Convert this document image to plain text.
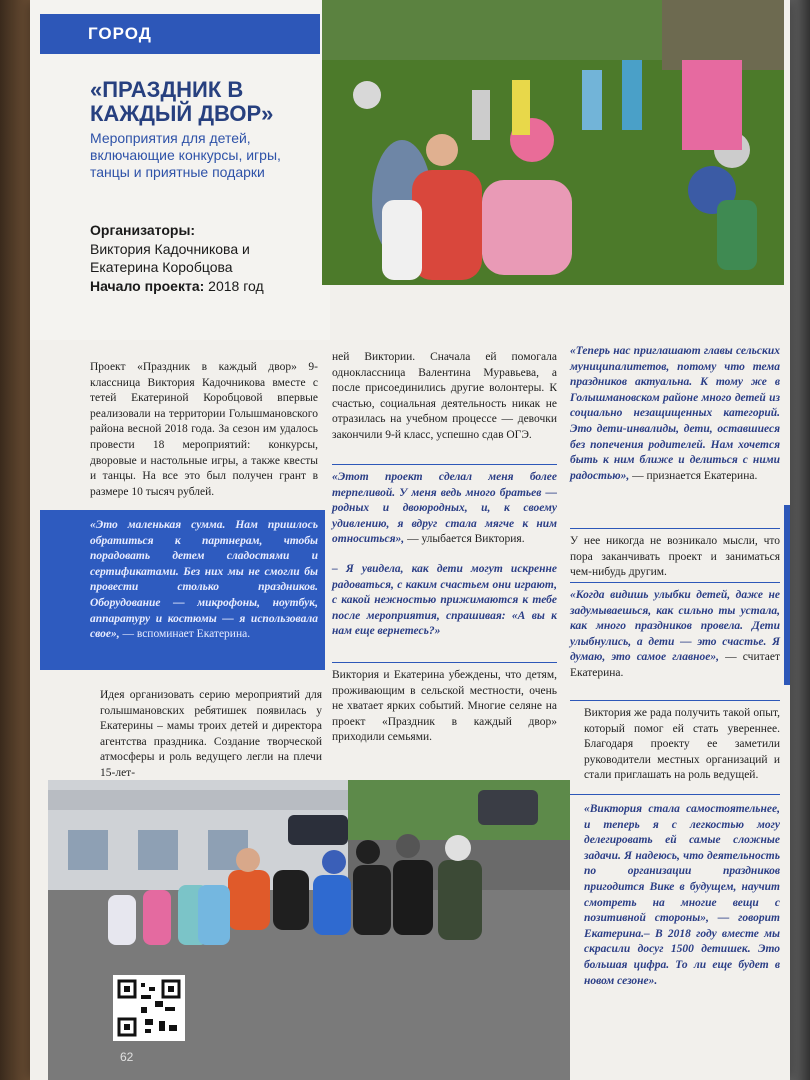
ГОРОД
«ПРАЗДНИК В
КАЖДЫЙ ДВОР»
Мероприятия для детей, включающие конкурсы, игры, танцы и приятные подарки
Организаторы:
Виктория Кадочникова и Екатерина Коробцова
Начало проекта: 2018 год
Проект «Праздник в каждый двор» 9-классница Виктория Кадочникова вместе с тетей Екатериной Коробцовой впервые реализовали на территории Голышмановского района весной 2018 года. За сезон им удалось провести 18 мероприятий: конкурсы, дворовые и настольные игры, а также квесты и танцы. На все это был получен грант в размере 10 тысяч рублей.
«Это маленькая сумма. Нам пришлось обратиться к партнерам, чтобы порадовать детем сладостями и сертификатами. Без них мы не смогли бы провести столько праздников. Оборудование — микрофоны, ноутбук, аппаратуру и костюмы — я использовала свое», — вспоминает Екатерина.
Идея организовать серию мероприятий для голышмановских ребятишек появилась у Екатерины – мамы троих детей и директора агентства праздника. Создание творческой атмосферы и роль ведущего легли на плечи 15-лет-
ней Виктории. Сначала ей помогала одноклассница Валентина Муравьева, а после присоединились другие волонтеры. К счастью, социальная деятельность никак не отразилась на учебном процессе — девочки закончили 9-й класс, успешно сдав ОГЭ.
«Этот проект сделал меня более терпеливой. У меня ведь много братьев — родных и двоюродных, и, к своему удивлению, я вдруг стала мягче к ним относиться», — улыбается Виктория.
– Я увидела, как дети могут искренне радоваться, с каким счастьем они играют, с какой нежностью прижимаются к тебе после мероприятия, спрашивая: «А вы к нам еще вернетесь?»
Виктория и Екатерина убеждены, что детям, проживающим в сельской местности, очень не хватает ярких событий. Многие селяне на проект «Праздник в каждый двор» приходили семьями.
«Теперь нас приглашают главы сельских муниципалитетов, потому что тема праздников актуальна. К тому же в Голышмановском районе много детей из социально незащищенных категорий. Это дети-инвалиды, дети, оставшиеся без попечения родителей. Нам хочется быть к ним ближе и делиться с ними радостью», — признается Екатерина.
У нее никогда не возникало мысли, что пора заканчивать проект и заниматься чем-нибудь другим.
«Когда видишь улыбки детей, даже не задумываешься, как сильно ты устала, как много праздников провела. Дети улыбнулись, а дети — это счастье. Я думаю, это самое главное», — считает Екатерина.
Виктория же рада получить такой опыт, который помог ей стать увереннее. Благодаря проекту ее заметили руководители местных организаций и стали приглашать на роль ведущей.
«Виктория стала самостоятельнее, и теперь я с легкостью могу делегировать ей самые сложные задачи. Я надеюсь, что деятельность по организации праздников пригодится Вике в будущем, научит смотреть на многие вещи с позитивной стороны», — говорит Екатерина.– В 2018 году вместе мы скрасили досуг 1500 детишек. Это большая цифра. То ли еще будет в новом сезоне».
62
